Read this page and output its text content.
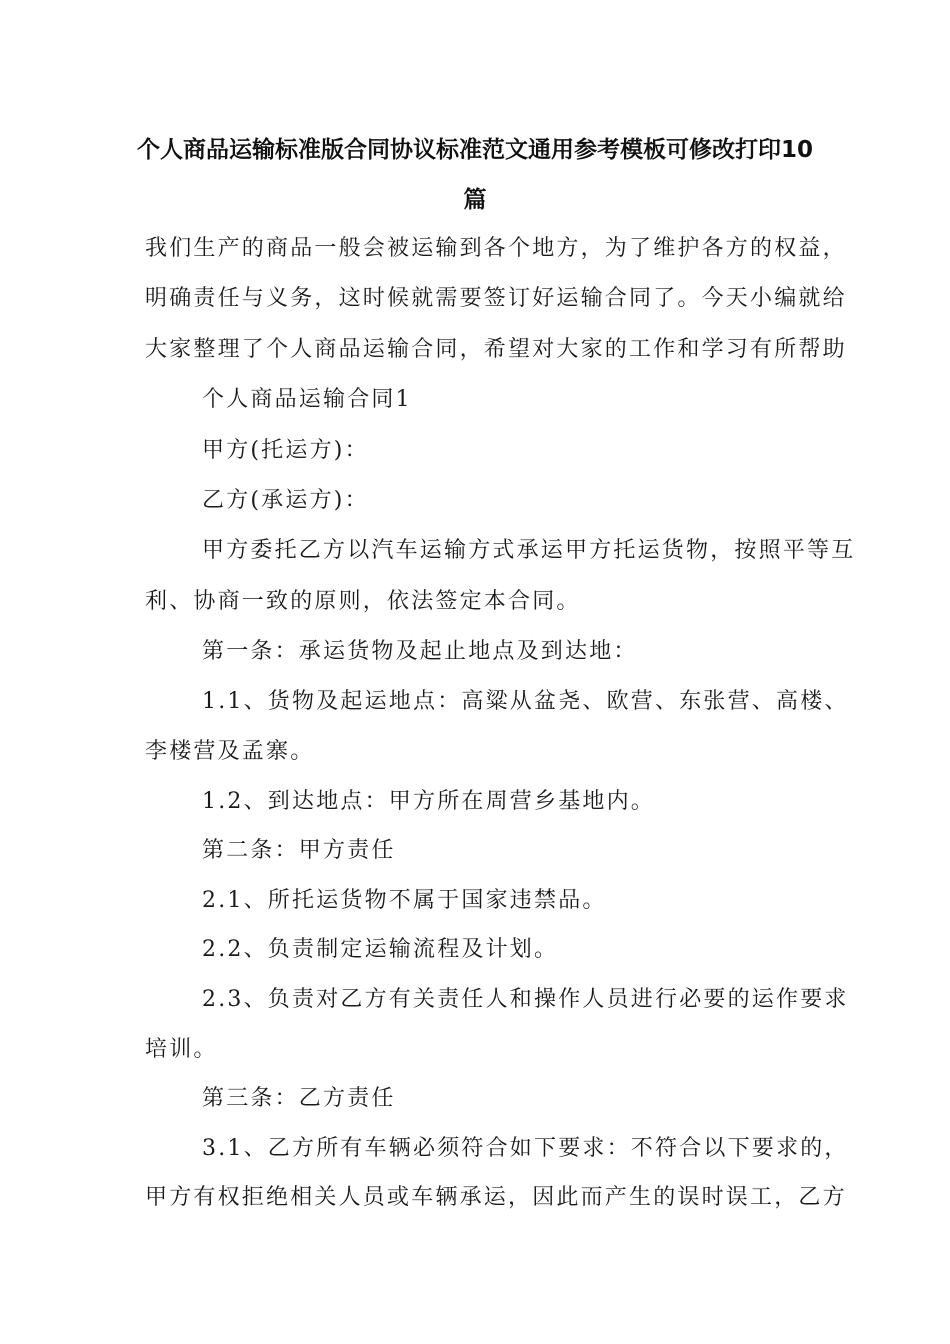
个人商品运输标准版合同协议标准范文通用参考模板可修改打印10
篇
我们生产的商品一般会被运输到各个地方，为了维护各方的权益，
明确责任与义务，这时候就需要签订好运输合同了。今天小编就给
大家整理了个人商品运输合同，希望对大家的工作和学习有所帮助
个人商品运输合同1
甲方(托运方)：
乙方(承运方)：
甲方委托乙方以汽车运输方式承运甲方托运货物，按照平等互
利、协商一致的原则，依法签定本合同。
第一条：承运货物及起止地点及到达地：
1.1、货物及起运地点：高粱从盆尧、欧营、东张营、高楼、
李楼营及孟寨。
1.2、到达地点：甲方所在周营乡基地内。
第二条：甲方责任
2.1、所托运货物不属于国家违禁品。
2.2、负责制定运输流程及计划。
2.3、负责对乙方有关责任人和操作人员进行必要的运作要求
培训。
第三条：乙方责任
3.1、乙方所有车辆必须符合如下要求：不符合以下要求的，
甲方有权拒绝相关人员或车辆承运，因此而产生的误时误工，乙方
